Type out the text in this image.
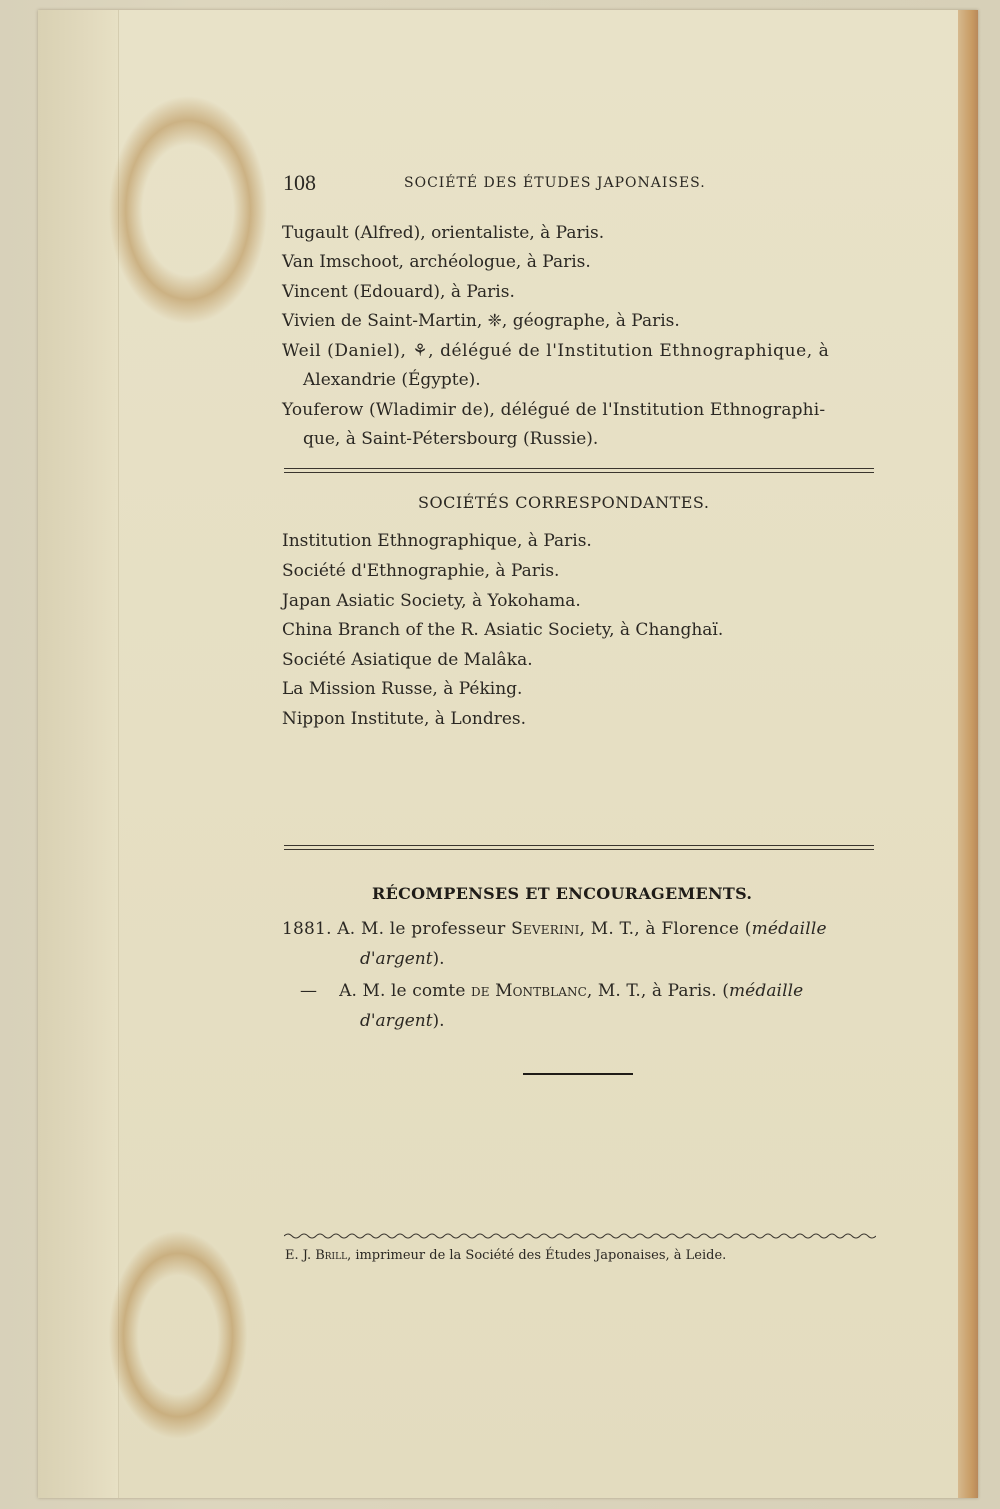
108	SOCIÉTÉ DES ÉTUDES JAPONAISES.
Tugault (Alfred), orientaliste, à Paris.
Van Imschoot, archéologue, à Paris.
Vincent (Edouard), à Paris.
Vivien de Saint-Martin, ❈, géographe, à Paris.
Weil (Daniel), ⚘, délégué de l'Institution Ethnographique, à
Alexandrie (Égypte).
Youferow (Wladimir de), délégué de l'Institution Ethnographi-
que, à Saint-Pétersbourg (Russie).
SOCIÉTÉS CORRESPONDANTES.
Institution Ethnographique, à Paris.
Société d'Ethnographie, à Paris.
Japan Asiatic Society, à Yokohama.
China Branch of the R. Asiatic Society, à Changhaï.
Société Asiatique de Malâka.
La Mission Russe, à Péking.
Nippon Institute, à Londres.
RÉCOMPENSES ET ENCOURAGEMENTS.
1881. A. M. le professeur Severini, M. T., à Florence (médaille
d'argent).
— A. M. le comte de Montblanc, M. T., à Paris. (médaille
d'argent).
E. J. Brill, imprimeur de la Société des Études Japonaises, à Leide.
